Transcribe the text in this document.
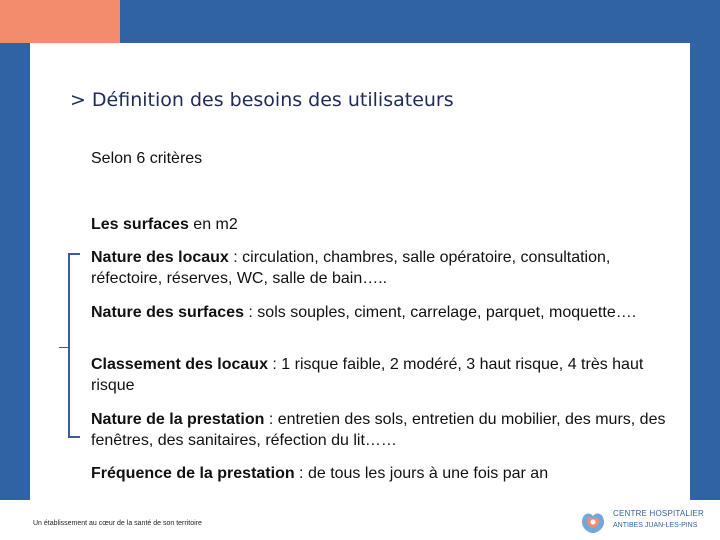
> Définition des besoins des utilisateurs
Selon 6 critères
Les surfaces en m2
Nature des locaux : circulation, chambres, salle opératoire, consultation, réfectoire, réserves, WC, salle de bain…..
Nature des surfaces : sols souples, ciment, carrelage, parquet, moquette….
Classement des locaux : 1 risque faible, 2 modéré, 3 haut risque, 4 très haut risque
Nature de la prestation : entretien des sols, entretien du mobilier, des murs, des fenêtres, des sanitaires, réfection du lit……
Fréquence de la prestation : de tous les jours à une fois par an
Un établissement au cœur de la santé de son territoire
CENTRE HOSPITALIER
ANTIBES JUAN-LES-PINS
